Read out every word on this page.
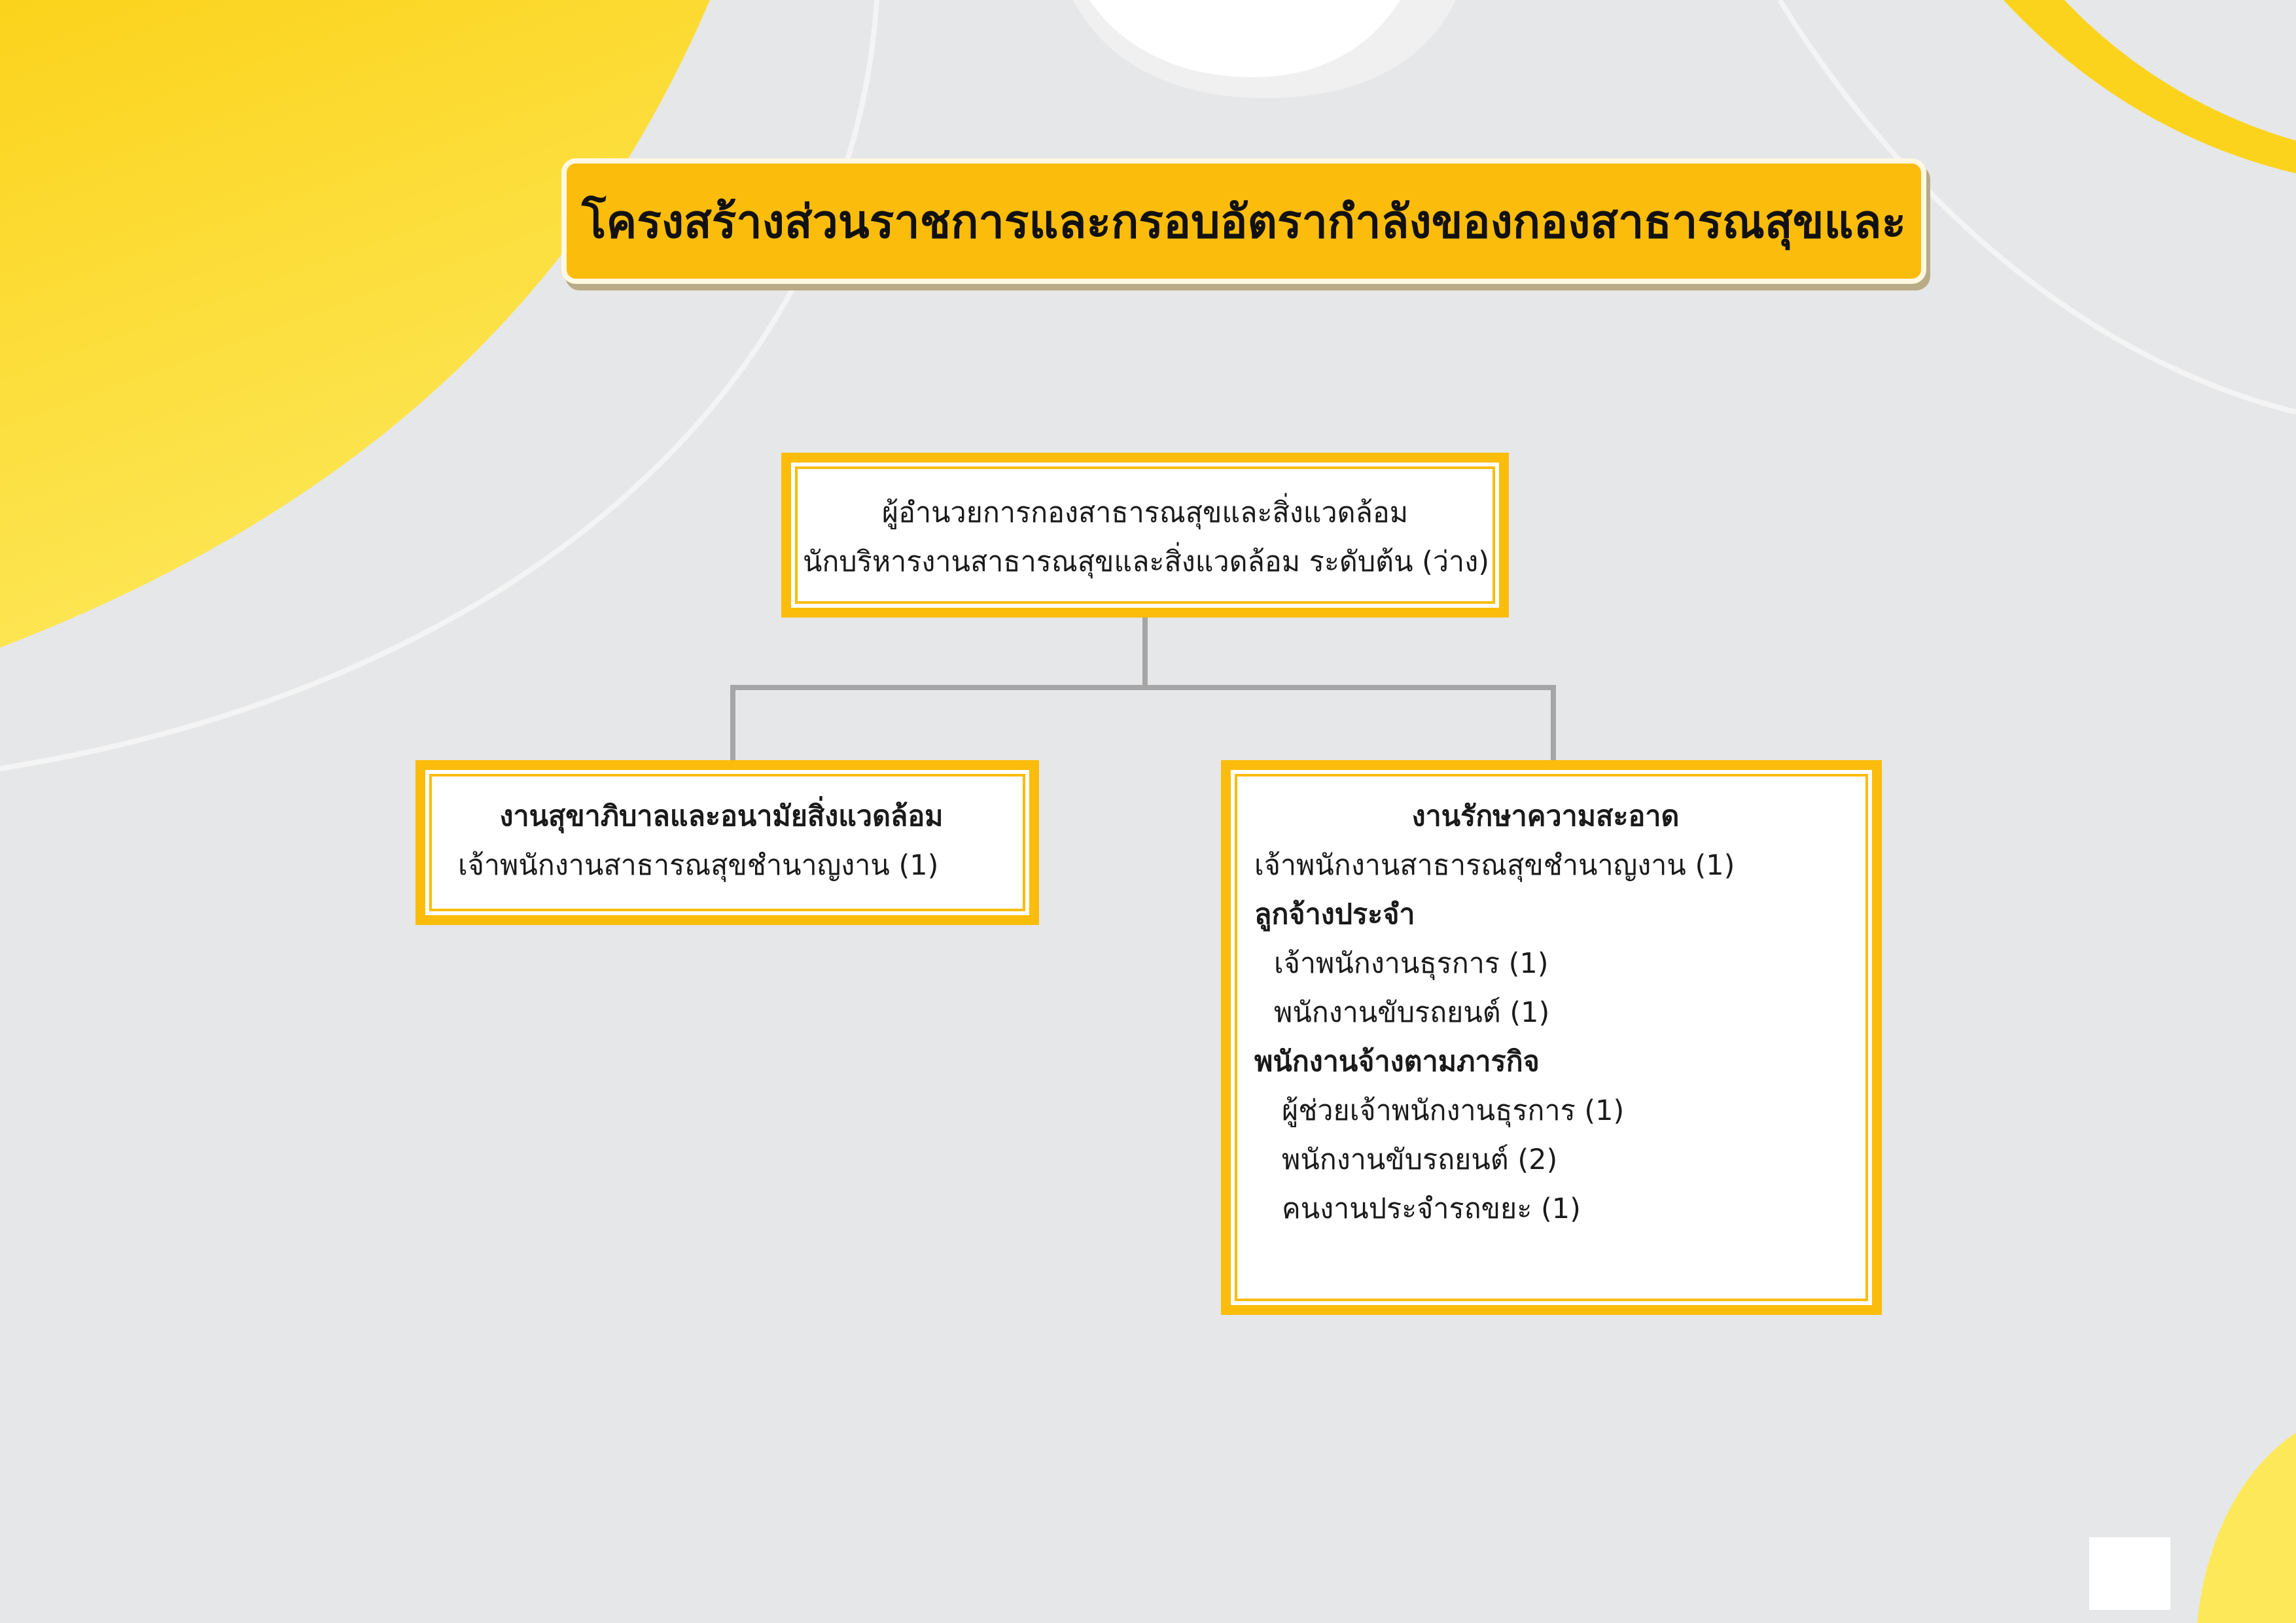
โครงสร้างส่วนราชการและกรอบอัตรากำลังของกองสาธารณสุขและ
ผู้อำนวยการกองสาธารณสุขและสิ่งแวดล้อม
นักบริหารงานสาธารณสุขและสิ่งแวดล้อม ระดับต้น (ว่าง)
งานสุขาภิบาลและอนามัยสิ่งแวดล้อม
เจ้าพนักงานสาธารณสุขชำนาญงาน (1)
งานรักษาความสะอาด
เจ้าพนักงานสาธารณสุขชำนาญงาน (1)
ลูกจ้างประจำ
เจ้าพนักงานธุรการ (1)
พนักงานขับรถยนต์ (1)
พนักงานจ้างตามภารกิจ
ผู้ช่วยเจ้าพนักงานธุรการ (1)
พนักงานขับรถยนต์ (2)
คนงานประจำรถขยะ (1)
